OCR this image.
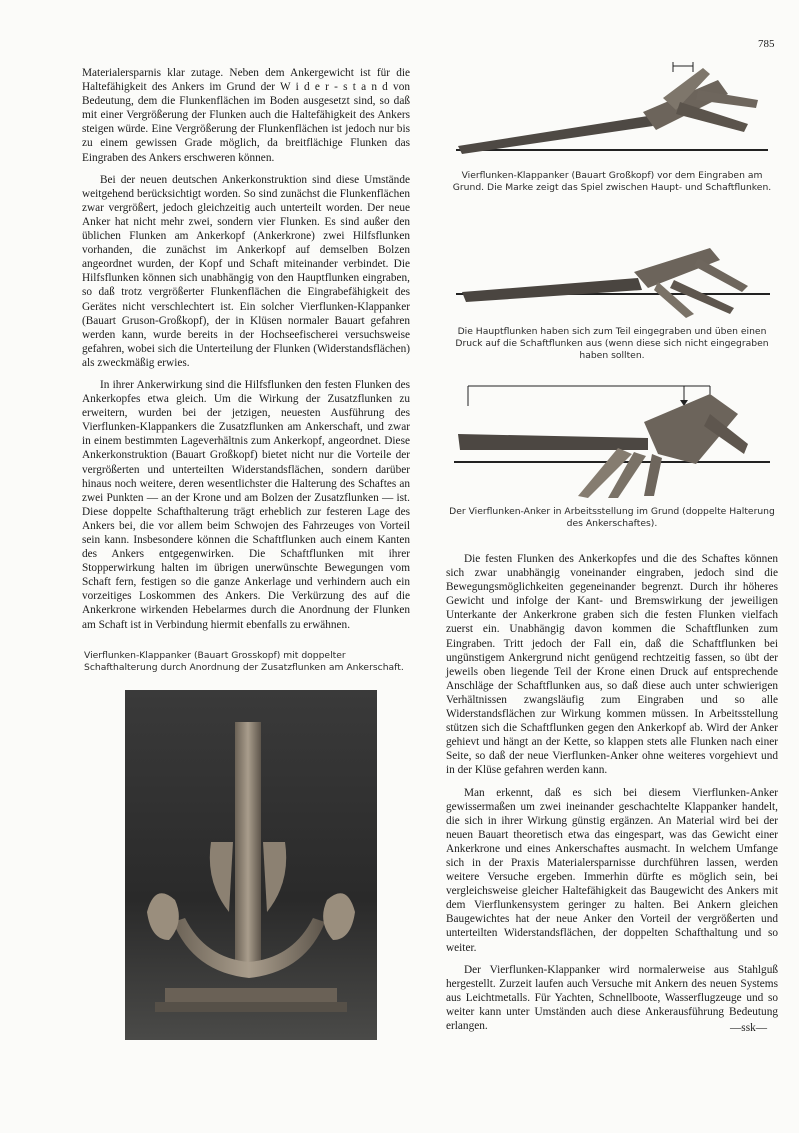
785

Materialersparnis klar zutage. Neben dem Ankergewicht ist für die Haltefähigkeit des Ankers im Grund der W i d e r - s t a n d von Bedeutung, dem die Flunkenflächen im Boden ausgesetzt sind, so daß mit einer Vergrößerung der Flunken auch die Haltefähigkeit des Ankers steigen würde. Eine Vergrößerung der Flunkenflächen ist jedoch nur bis zu einem gewissen Grade möglich, da breitflächige Flunken das Eingraben des Ankers erschweren können.

Bei der neuen deutschen Ankerkonstruktion sind diese Umstände weitgehend berücksichtigt worden. So sind zunächst die Flunkenflächen zwar vergrößert, jedoch gleichzeitig auch unterteilt worden. Der neue Anker hat nicht mehr zwei, sondern vier Flunken. Es sind außer den üblichen Flunken am Ankerkopf (Ankerkrone) zwei Hilfsflunken vorhanden, die zunächst im Ankerkopf auf demselben Bolzen angeordnet wurden, der Kopf und Schaft miteinander verbindet. Die Hilfsflunken können sich unabhängig von den Hauptflunken eingraben, so daß trotz vergrößerter Flunkenflächen die Eingrabefähigkeit des Gerätes nicht verschlechtert ist. Ein solcher Vierflunken-Klappanker (Bauart Gruson-Großkopf), der in Klüsen normaler Bauart gefahren werden kann, wurde bereits in der Hochseefischerei versuchsweise gefahren, wobei sich die Unterteilung der Flunken (Widerstandsflächen) als zweckmäßig erwies.

In ihrer Ankerwirkung sind die Hilfsflunken den festen Flunken des Ankerkopfes etwa gleich. Um die Wirkung der Zusatzflunken zu erweitern, wurden bei der jetzigen, neuesten Ausführung des Vierflunken-Klappankers die Zusatzflunken am Ankerschaft, und zwar in einem bestimmten Lageverhältnis zum Ankerkopf, angeordnet. Diese Ankerkonstruktion (Bauart Großkopf) bietet nicht nur die Vorteile der vergrößerten und unterteilten Widerstandsflächen, sondern darüber hinaus noch weitere, deren wesentlichster die Halterung des Schaftes an zwei Punkten — an der Krone und am Bolzen der Zusatzflunken — ist. Diese doppelte Schafthalterung trägt erheblich zur festeren Lage des Ankers bei, die vor allem beim Schwojen des Fahrzeuges von Vorteil sein kann. Insbesondere können die Schaftflunken auch einem Kanten des Ankers entgegenwirken. Die Schaftflunken mit ihrer Stopperwirkung halten im übrigen unerwünschte Bewegungen vom Schaft fern, festigen so die ganze Ankerlage und verhindern auch ein vorzeitiges Loskommen des Ankers. Die Verkürzung des auf die Ankerkrone wirkenden Hebelarmes durch die Anordnung der Flunken am Schaft ist in Verbindung hiermit ebenfalls zu erwähnen.

Vierflunken-Klappanker (Bauart Grosskopf) mit doppelter Schafthalterung durch Anordnung der Zusatzflunken am Ankerschaft.
Vierflunken-Klappanker (Bauart Großkopf) vor dem Eingraben am Grund. Die Marke zeigt das Spiel zwischen Haupt- und Schaftflunken.
Die Hauptflunken haben sich zum Teil eingegraben und üben einen Druck auf die Schaftflunken aus (wenn diese sich nicht eingegraben haben sollten.
Der Vierflunken-Anker in Arbeitsstellung im Grund (doppelte Halterung des Ankerschaftes).

Die festen Flunken des Ankerkopfes und die des Schaftes können sich zwar unabhängig voneinander eingraben, jedoch sind die Bewegungsmöglichkeiten gegeneinander begrenzt. Durch ihr höheres Gewicht und infolge der Kant- und Bremswirkung der jeweiligen Unterkante der Ankerkrone graben sich die festen Flunken vielfach zuerst ein. Unabhängig davon kommen die Schaftflunken zum Eingraben. Tritt jedoch der Fall ein, daß die Schaftflunken bei ungünstigem Ankergrund nicht genügend rechtzeitig fassen, so übt der jeweils oben liegende Teil der Krone einen Druck auf entsprechende Anschläge der Schaftflunken aus, so daß diese auch unter schwierigen Verhältnissen zwangsläufig zum Eingraben und so alle Widerstandsflächen zur Wirkung kommen müssen. In Arbeitsstellung stützen sich die Schaftflunken gegen den Ankerkopf ab. Wird der Anker gehievt und hängt an der Kette, so klappen stets alle Flunken nach einer Seite, so daß der neue Vierflunken-Anker ohne weiteres vorgehievt und in der Klüse gefahren werden kann.

Man erkennt, daß es sich bei diesem Vierflunken-Anker gewissermaßen um zwei ineinander geschachtelte Klappanker handelt, die sich in ihrer Wirkung günstig ergänzen. An Material wird bei der neuen Bauart theoretisch etwa das eingespart, was das Gewicht einer Ankerkrone und eines Ankerschaftes ausmacht. In welchem Umfange sich in der Praxis Materialersparnisse durchführen lassen, werden weitere Versuche ergeben. Immerhin dürfte es möglich sein, bei vergleichsweise gleicher Haltefähigkeit das Baugewicht des Ankers mit dem Vierflunkensystem geringer zu halten. Bei Ankern gleichen Baugewichtes hat der neue Anker den Vorteil der vergrößerten und unterteilten Widerstandsflächen, der doppelten Schafthaltung und so weiter.

Der Vierflunken-Klappanker wird normalerweise aus Stahlguß hergestellt. Zurzeit laufen auch Versuche mit Ankern des neuen Systems aus Leichtmetalls. Für Yachten, Schnellboote, Wasserflugzeuge und so weiter kann unter Umständen auch diese Ankerausführung Bedeutung erlangen.	—ssk—
